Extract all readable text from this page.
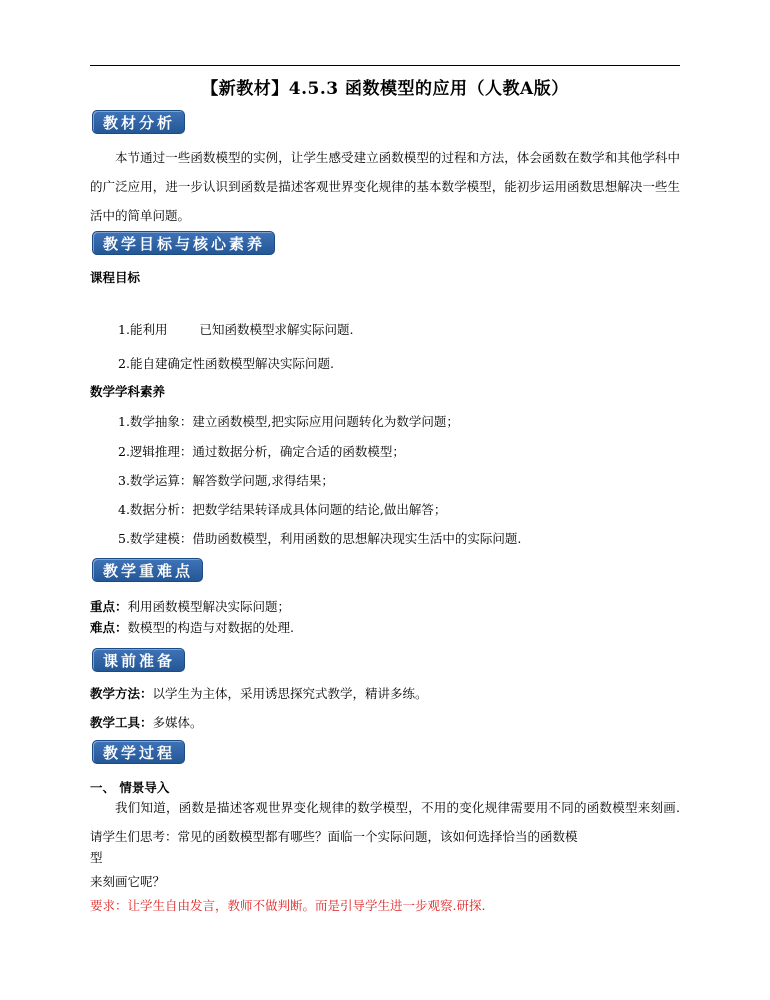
【新教材】4.5.3 函数模型的应用（人教A版）
教材分析
本节通过一些函数模型的实例，让学生感受建立函数模型的过程和方法，体会函数在数学和其他学科中的广泛应用，进一步认识到函数是描述客观世界变化规律的基本数学模型，能初步运用函数思想解决一些生活中的简单问题。
教学目标与核心素养
课程目标
1.能利用	已知函数模型求解实际问题.
2.能自建确定性函数模型解决实际问题.
数学学科素养
1.数学抽象：建立函数模型,把实际应用问题转化为数学问题；
2.逻辑推理：通过数据分析，确定合适的函数模型；
3.数学运算：解答数学问题,求得结果；
4.数据分析：把数学结果转译成具体问题的结论,做出解答；
5.数学建模：借助函数模型，利用函数的思想解决现实生活中的实际问题.
教学重难点
重点：利用函数模型解决实际问题；
难点：数模型的构造与对数据的处理.
课前准备
教学方法：以学生为主体，采用诱思探究式教学，精讲多练。
教学工具：多媒体。
教学过程
一、 情景导入
我们知道，函数是描述客观世界变化规律的数学模型，不用的变化规律需要用不同的函数模型来刻画.请学生们思考：常见的函数模型都有哪些？面临一个实际问题，该如何选择恰当的函数模
型
来刻画它呢？
要求：让学生自由发言，教师不做判断。而是引导学生进一步观察.研探.
